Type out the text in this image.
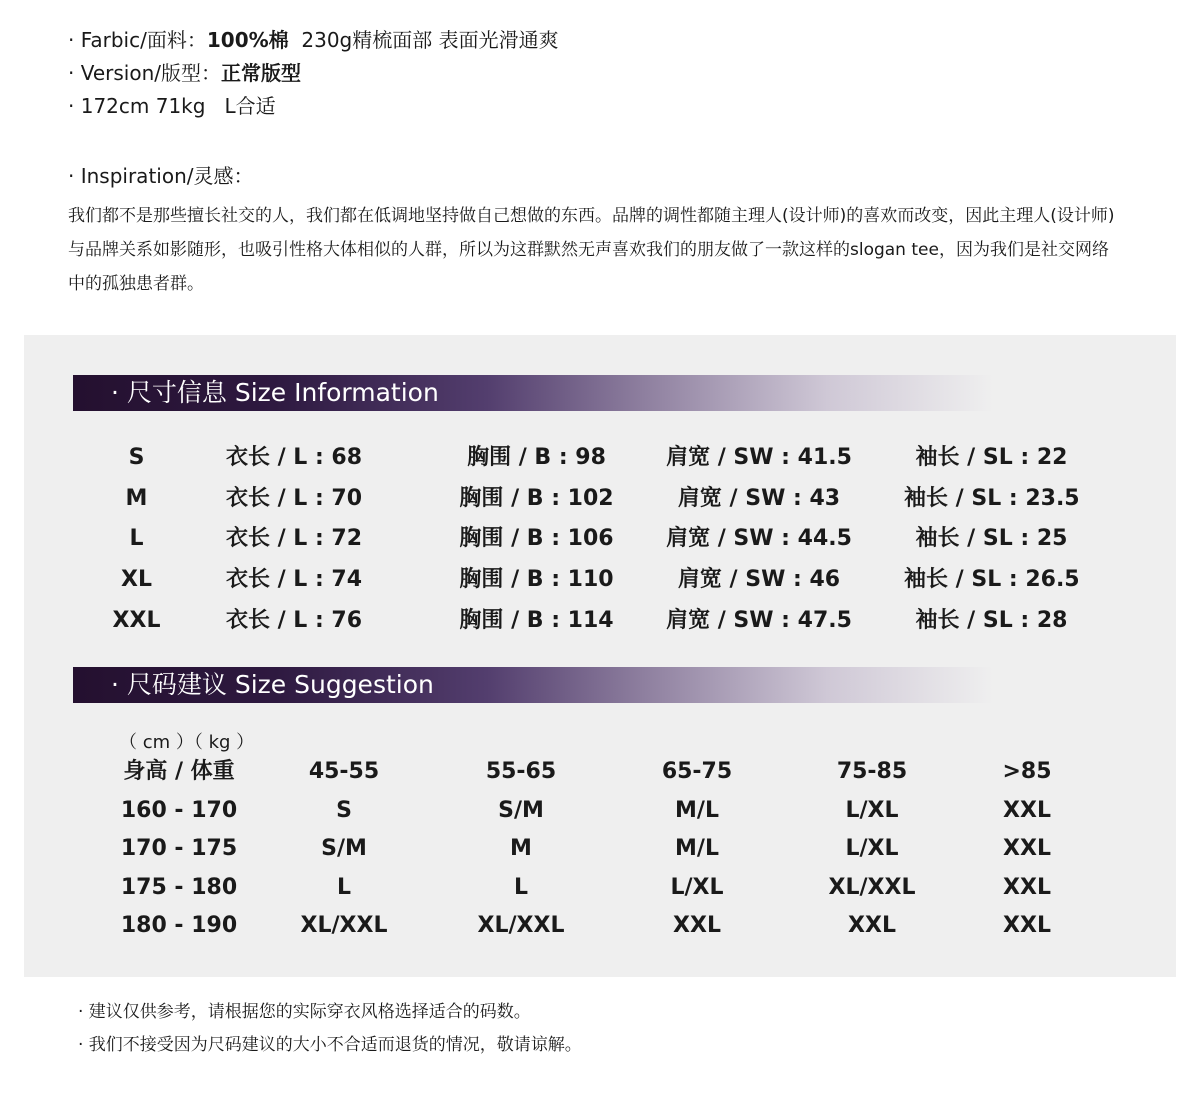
· Farbic/面料：100%棉  230g精梳面部 表面光滑通爽
· Version/版型：正常版型
· 172cm 71kg   L合适
· Inspiration/灵感：
我们都不是那些擅长社交的人，我们都在低调地坚持做自己想做的东西。品牌的调性都随主理人(设计师)的喜欢而改变，因此主理人(设计师)与品牌关系如影随形，也吸引性格大体相似的人群，所以为这群默然无声喜欢我们的朋友做了一款这样的slogan tee，因为我们是社交网络中的孤独患者群。
· 尺寸信息 Size Information
S	衣长 / L : 68	胸围 / B : 98	肩宽 / SW : 41.5	袖长 / SL : 22
M	衣长 / L : 70	胸围 / B : 102	肩宽 / SW : 43	袖长 / SL : 23.5
L	衣长 / L : 72	胸围 / B : 106	肩宽 / SW : 44.5	袖长 / SL : 25
XL	衣长 / L : 74	胸围 / B : 110	肩宽 / SW : 46	袖长 / SL : 26.5
XXL	衣长 / L : 76	胸围 / B : 114	肩宽 / SW : 47.5	袖长 / SL : 28
· 尺码建议 Size Suggestion
（ cm ）（ kg ）
身高 / 体重	45-55	55-65	65-75	75-85	>85
160 - 170	S	S/M	M/L	L/XL	XXL
170 - 175	S/M	M	M/L	L/XL	XXL
175 - 180	L	L	L/XL	XL/XXL	XXL
180 - 190	XL/XXL	XL/XXL	XXL	XXL	XXL
· 建议仅供参考，请根据您的实际穿衣风格选择适合的码数。
· 我们不接受因为尺码建议的大小不合适而退货的情况，敬请谅解。
